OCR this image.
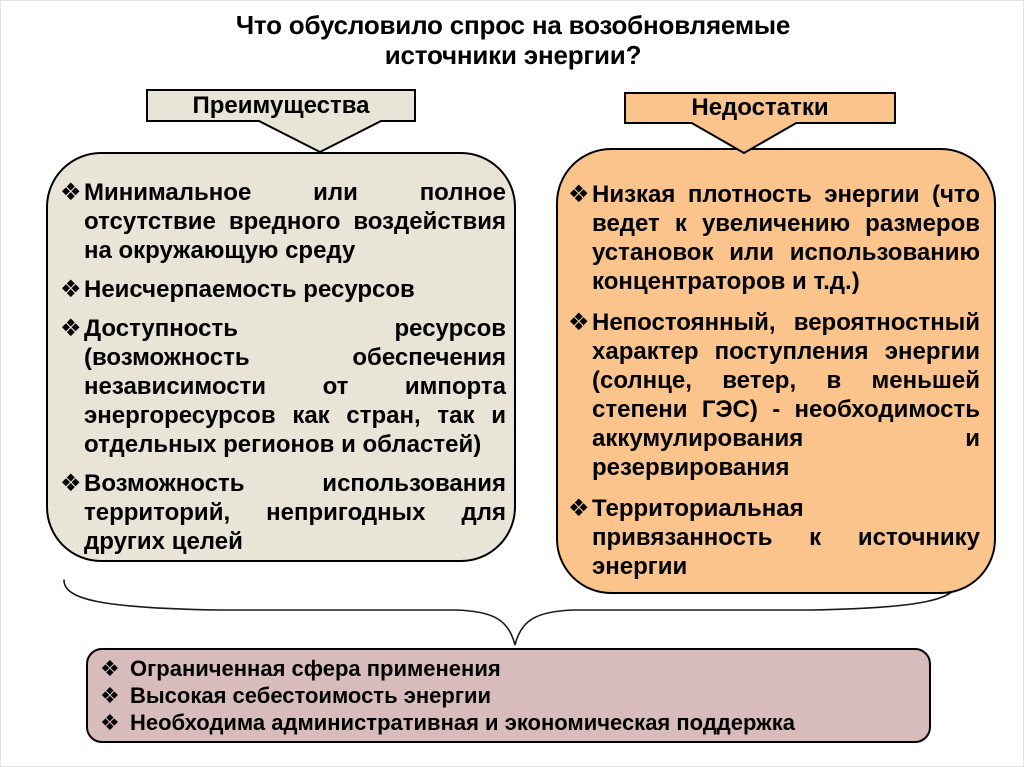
Что обусловило спрос на возобновляемые источники энергии?
Преимущества	Недостатки
❖ Минимальное или полное отсутствие вредного воздействия на окружающую среду
❖ Неисчерпаемость ресурсов
❖ Доступность ресурсов (возможность обеспечения независимости от импорта энергоресурсов как стран, так и отдельных регионов и областей)
❖ Возможность использования территорий, непригодных для других целей
❖ Низкая плотность энергии (что ведет к увеличению размеров установок или использованию концентраторов и т.д.)
❖ Непостоянный, вероятностный характер поступления энергии (солнце, ветер, в меньшей степени ГЭС) - необходимость аккумулирования и резервирования
❖ Территориальная привязанность к источнику энергии
❖ Ограниченная сфера применения
❖ Высокая себестоимость энергии
❖ Необходима административная и экономическая поддержка
